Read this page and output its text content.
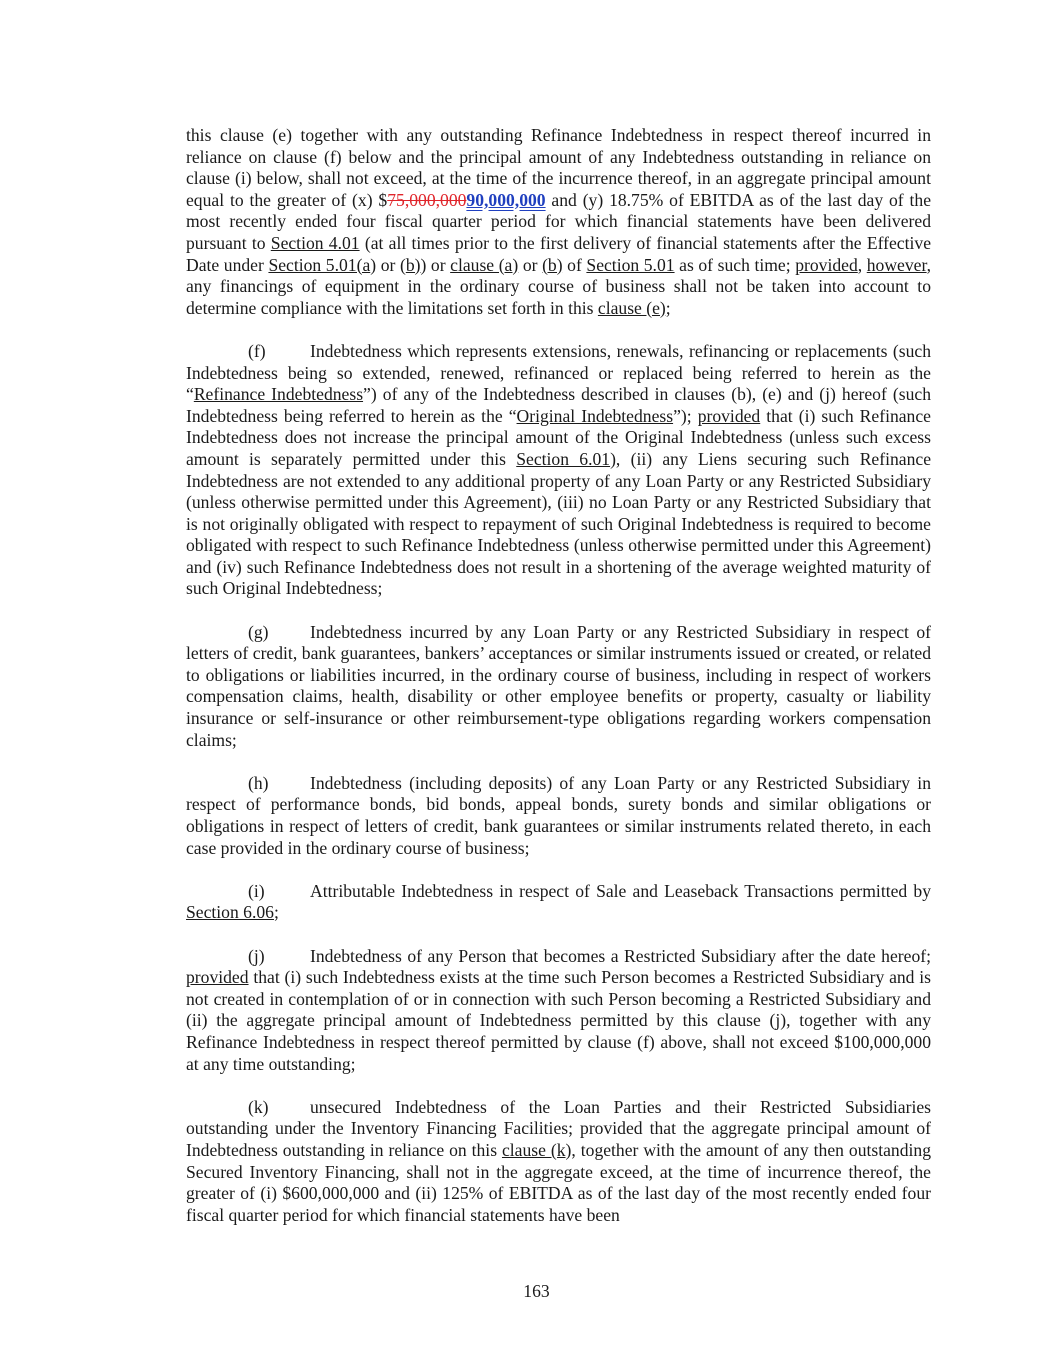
this clause (e) together with any outstanding Refinance Indebtedness in respect thereof incurred in reliance on clause (f) below and the principal amount of any Indebtedness outstanding in reliance on clause (i) below, shall not exceed, at the time of the incurrence thereof, in an aggregate principal amount equal to the greater of (x) $75,000,00090,000,000 and (y) 18.75% of EBITDA as of the last day of the most recently ended four fiscal quarter period for which financial statements have been delivered pursuant to Section 4.01 (at all times prior to the first delivery of financial statements after the Effective Date under Section 5.01(a) or (b)) or clause (a) or (b) of Section 5.01 as of such time; provided, however, any financings of equipment in the ordinary course of business shall not be taken into account to determine compliance with the limitations set forth in this clause (e);

(f)	Indebtedness which represents extensions, renewals, refinancing or replacements (such Indebtedness being so extended, renewed, refinanced or replaced being referred to herein as the “Refinance Indebtedness”) of any of the Indebtedness described in clauses (b), (e) and (j) hereof (such Indebtedness being referred to herein as the “Original Indebtedness”); provided that (i) such Refinance Indebtedness does not increase the principal amount of the Original Indebtedness (unless such excess amount is separately permitted under this Section 6.01), (ii) any Liens securing such Refinance Indebtedness are not extended to any additional property of any Loan Party or any Restricted Subsidiary (unless otherwise permitted under this Agreement), (iii) no Loan Party or any Restricted Subsidiary that is not originally obligated with respect to repayment of such Original Indebtedness is required to become obligated with respect to such Refinance Indebtedness (unless otherwise permitted under this Agreement) and (iv) such Refinance Indebtedness does not result in a shortening of the average weighted maturity of such Original Indebtedness;

(g) Indebtedness incurred by any Loan Party or any Restricted Subsidiary in respect of letters of credit, bank guarantees, bankers’ acceptances or similar instruments issued or created, or related to obligations or liabilities incurred, in the ordinary course of business, including in respect of workers compensation claims, health, disability or other employee benefits or property, casualty or liability insurance or self-insurance or other reimbursement-type obligations regarding workers compensation claims;

(h) Indebtedness (including deposits) of any Loan Party or any Restricted Subsidiary in respect of performance bonds, bid bonds, appeal bonds, surety bonds and similar obligations or obligations in respect of letters of credit, bank guarantees or similar instruments related thereto, in each case provided in the ordinary course of business;

(i)	Attributable Indebtedness in respect of Sale and Leaseback Transactions permitted by Section 6.06;

(j)	Indebtedness of any Person that becomes a Restricted Subsidiary after the date hereof; provided that (i) such Indebtedness exists at the time such Person becomes a Restricted Subsidiary and is not created in contemplation of or in connection with such Person becoming a Restricted Subsidiary and (ii) the aggregate principal amount of Indebtedness permitted by this clause (j), together with any Refinance Indebtedness in respect thereof permitted by clause (f) above, shall not exceed $100,000,000 at any time outstanding;

(k) unsecured Indebtedness of the Loan Parties and their Restricted Subsidiaries outstanding under the Inventory Financing Facilities; provided that the aggregate principal amount of Indebtedness outstanding in reliance on this clause (k), together with the amount of any then outstanding Secured Inventory Financing, shall not in the aggregate exceed, at the time of incurrence thereof, the greater of (i) $600,000,000 and (ii) 125% of EBITDA as of the last day of the most recently ended four fiscal quarter period for which financial statements have been

163
